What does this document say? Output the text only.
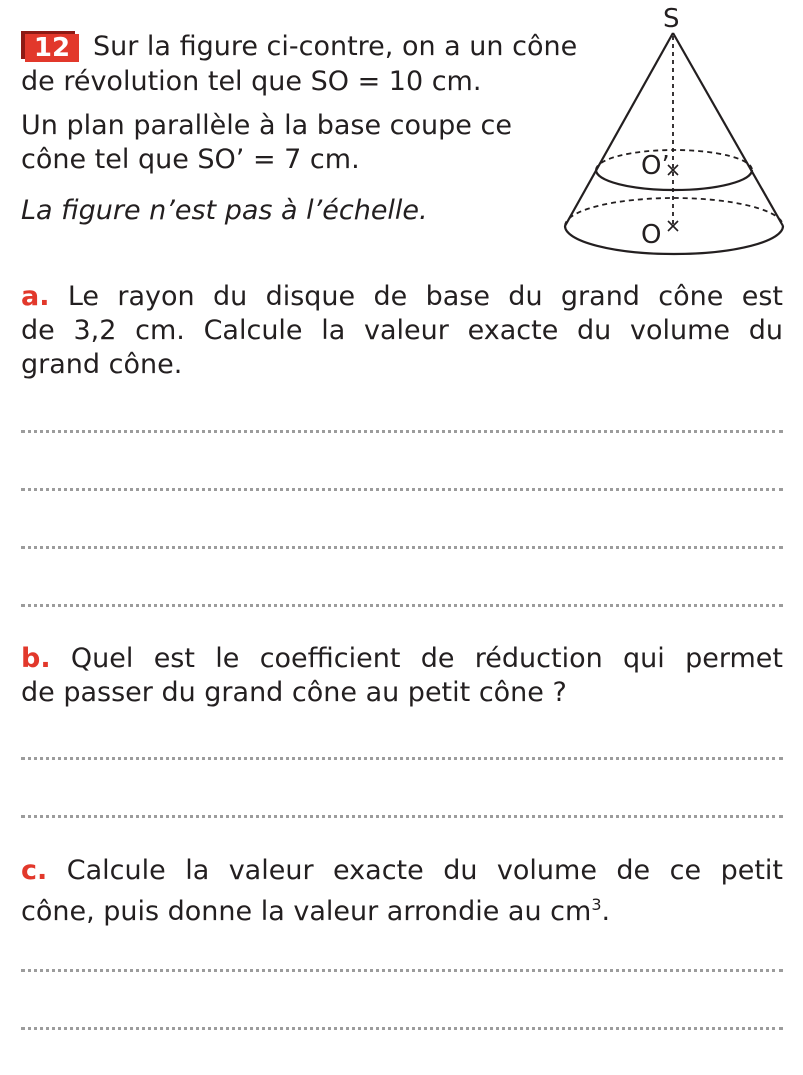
12 Sur la figure ci-contre, on a un cône
de révolution tel que SO = 10 cm.
Un plan parallèle à la base coupe ce
cône tel que SO’ = 7 cm.
La figure n’est pas à l’échelle.
S
O’
O
a. Le rayon du disque de base du grand cône est
de 3,2 cm. Calcule la valeur exacte du volume du
grand cône.
b. Quel est le coefficient de réduction qui permet
de passer du grand cône au petit cône ?
c. Calcule la valeur exacte du volume de ce petit
cône, puis donne la valeur arrondie au $cm^3$.
